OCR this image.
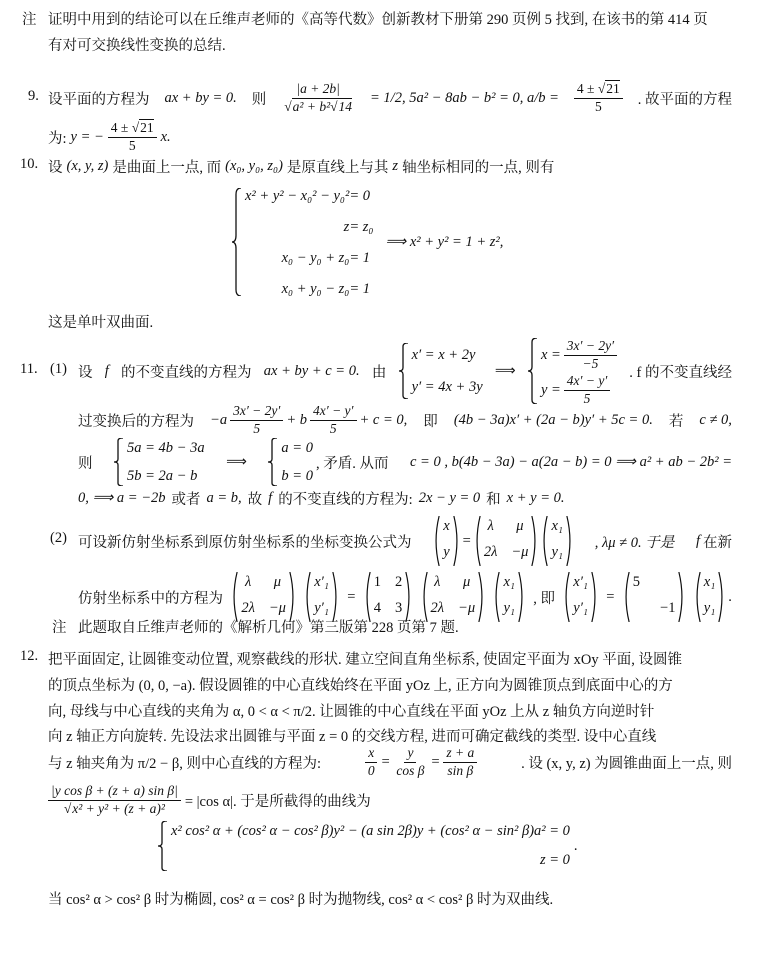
注 证明中用到的结论可以在丘维声老师的《高等代数》创新教材下册第 290 页例 5 找到, 在该书的第 414 页
有对可交换线性变换的总结.
9. 设平面的方程为 ax + by = 0. 则 $\frac{|a + 2b|}{\text{√a² + b²√14}} = 1/2$, 5a² − 8ab − b² = 0, $a/b = \frac{4 \pm √21}{5}$ . 故平面的方程
为: y = − $\frac{4 \pm √21}{5} x$.
10. 设 (x, y, z) 是曲面上一点, 而 (x₀, y₀, z₀) 是原直线上与其 z 轴坐标相同的一点, 则有
x² + y² − x₀² − y₀² = 0
z = z₀
x₀ − y₀ + z₀ = 1
x₀ + y₀ − z₀ = 1
⟹ x² + y² = 1 + z²,
这是单叶双曲面.
11. (1) 设 f 的不变直线的方程为 ax + by + c = 0. 由
x′ = x + 2y
y′ = 4x + 3y
⟹
$x = \frac{3x' - 2y'}{-5}$
$y = \frac{4x' - y'}{5}$
. f 的不变直线经
过变换后的方程为 $-a \frac{3x' - 2y'}{5} + b \frac{4x' - y'}{5} + c = 0$, 即 (4b − 3a)x′ + (2a − b)y′ + 5c = 0. 若 c ≠ 0,
则
5a = 4b − 3a
5b = 2a − b
⟹
a = 0
b = 0
, 矛盾. 从而 c = 0 , b(4b − 3a) − a(2a − b) = 0 ⟹ a² + ab − 2b² =
0, ⟹ a = −2b 或者 a = b, 故 f 的不变直线的方程为: 2x − y = 0 和 x + y = 0.
(2) 可设新仿射坐标系到原仿射坐标系的坐标变换公式为
x
y
=
λ	μ
2λ −μ
x₁
y₁
, λμ ≠ 0. 于是 f 在新
仿射坐标系中的方程为
λ	μ
2λ −μ
x′₁
y′₁
=
1 2
4 3
λ	μ
2λ −μ
x₁
y₁
, 即
x′₁
y′₁
=
5
−1
x₁
y₁
.
注 此题取自丘维声老师的《解析几何》第三版第 228 页第 7 题.
12. 把平面固定, 让圆锥变动位置, 观察截线的形状. 建立空间直角坐标系, 使固定平面为 xOy 平面, 设圆锥
的顶点坐标为 (0, 0, −a). 假设圆锥的中心直线始终在平面 yOz 上, 正方向为圆锥顶点到底面中心的方
向, 母线与中心直线的夹角为 α, 0 < α < π/2. 让圆锥的中心直线在平面 yOz 上从 z 轴负方向逆时针
向 z 轴正方向旋转. 先设法求出圆锥与平面 z = 0 的交线方程, 进而可确定截线的类型. 设中心直线
与 z 轴夹角为 π/2 − β, 则中心直线的方程为:	$\frac{x}{0} = \frac{y}{\text{cos β}} = \frac{z + a}{\text{sin β}}$	. 设 (x, y, z) 为圆锥曲面上一点, 则
$\frac{\text{|y cos β + (z + a) sin β|}}{\text{√x² + y² + (z + a)²}} = |\cos$ α|. 于是所截得的曲线为
x² cos² α + (cos² α − cos² β)y² − (a sin 2β)y + (cos² α − sin² β)a² = 0
z = 0
.
当 cos² α > cos² β 时为椭圆, cos² α = cos² β 时为抛物线, cos² α < cos² β 时为双曲线.
